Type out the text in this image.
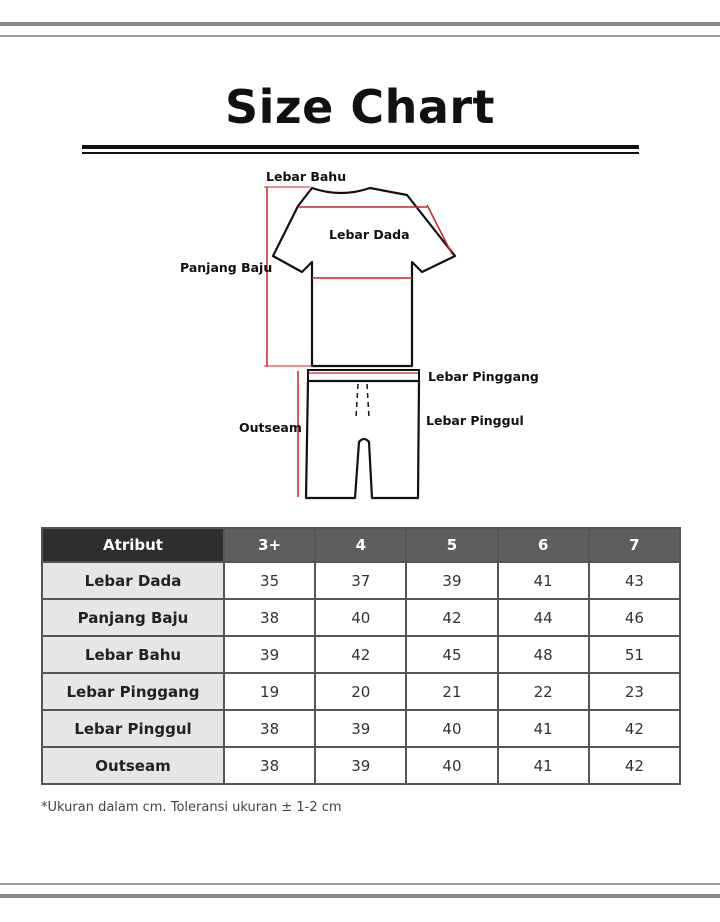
Size Chart
Lebar Bahu
Lebar Dada
Panjang Baju
Lebar Pinggang
Lebar Pinggul
Outseam
Atribut	3+	4	5	6	7
Lebar Dada	35	37	39	41	43
Panjang Baju	38	40	42	44	46
Lebar Bahu	39	42	45	48	51
Lebar Pinggang	19	20	21	22	23
Lebar Pinggul	38	39	40	41	42
Outseam	38	39	40	41	42
*Ukuran dalam cm. Toleransi ukuran ± 1-2 cm
